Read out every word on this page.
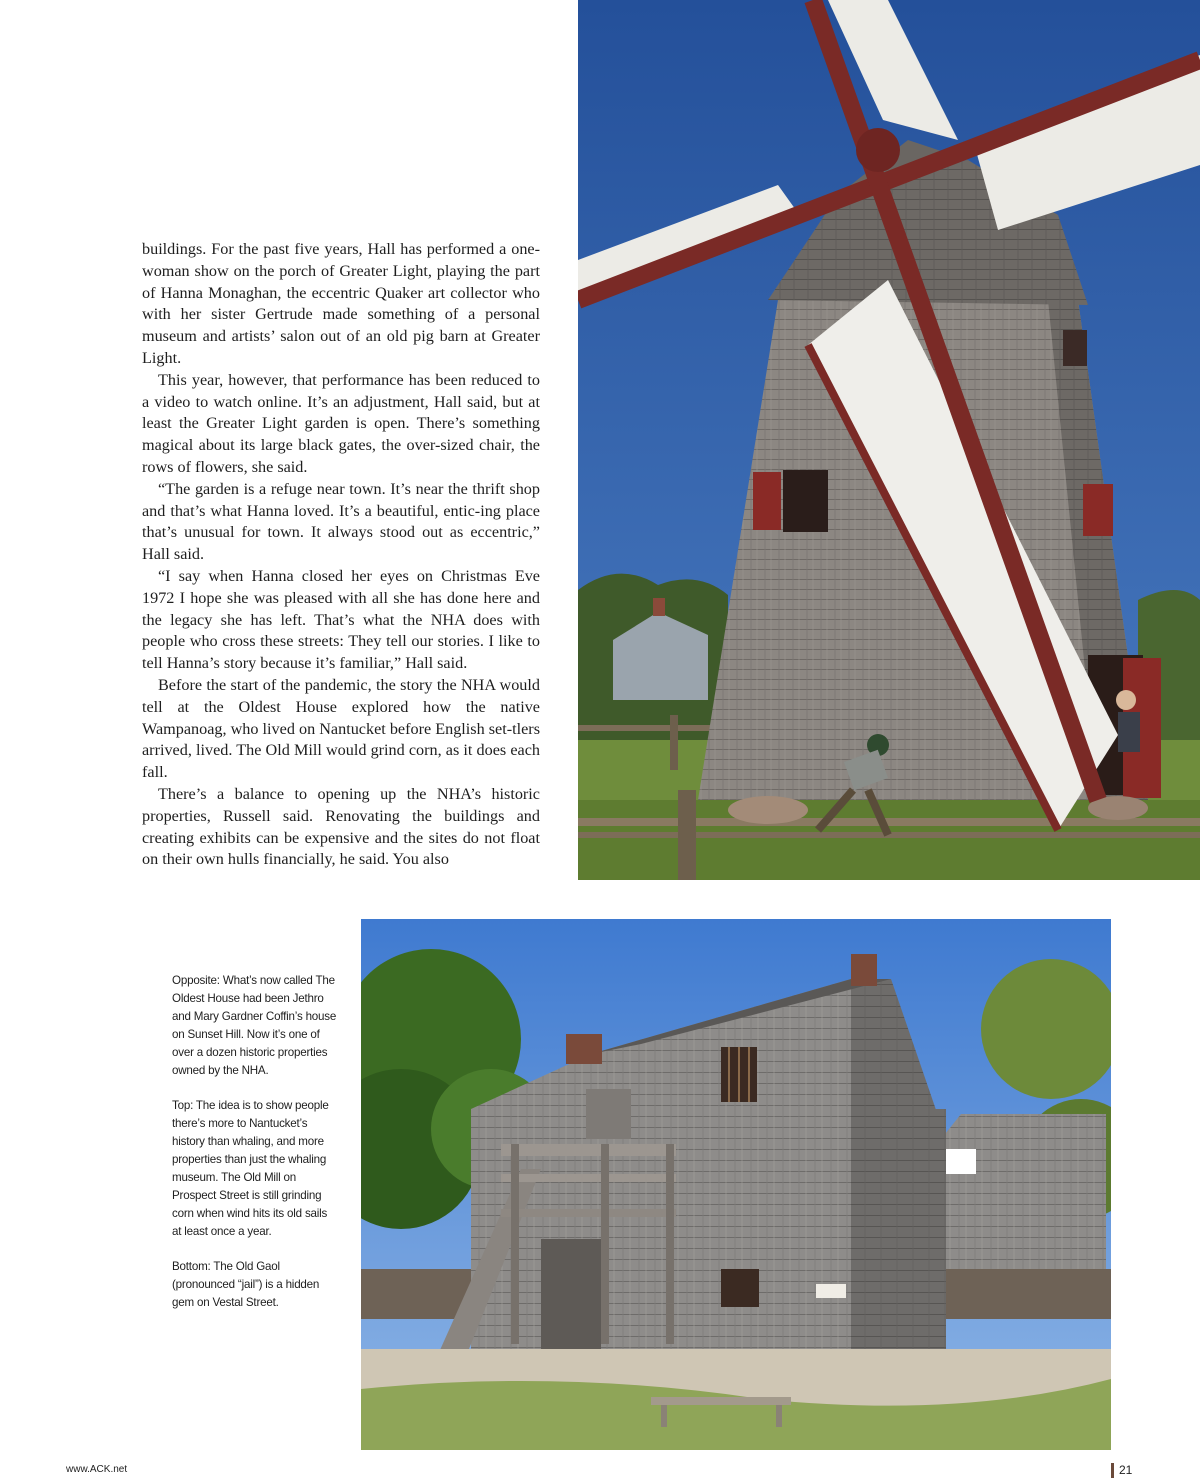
buildings. For the past five years, Hall has performed a one-woman show on the porch of Greater Light, playing the part of Hanna Monaghan, the eccentric Quaker art collector who with her sister Gertrude made something of a personal museum and artists’ salon out of an old pig barn at Greater Light.

This year, however, that performance has been reduced to a video to watch online. It’s an adjustment, Hall said, but at least the Greater Light garden is open. There’s something magical about its large black gates, the over-sized chair, the rows of flowers, she said.

“The garden is a refuge near town. It’s near the thrift shop and that’s what Hanna loved. It’s a beautiful, entic-ing place that’s unusual for town. It always stood out as eccentric,” Hall said.

“I say when Hanna closed her eyes on Christmas Eve 1972 I hope she was pleased with all she has done here and the legacy she has left. That’s what the NHA does with people who cross these streets: They tell our stories. I like to tell Hanna’s story because it’s familiar,” Hall said.

Before the start of the pandemic, the story the NHA would tell at the Oldest House explored how the native Wampanoag, who lived on Nantucket before English set-tlers arrived, lived. The Old Mill would grind corn, as it does each fall.

There’s a balance to opening up the NHA’s historic properties, Russell said. Renovating the buildings and creating exhibits can be expensive and the sites do not float on their own hulls financially, he said. You also

Opposite: What’s now called The Oldest House had been Jethro and Mary Gardner Coffin’s house on Sunset Hill. Now it’s one of over a dozen historic properties owned by the NHA.

Top: The idea is to show people there’s more to Nantucket’s history than whaling, and more properties than just the whaling museum. The Old Mill on Prospect Street is still grinding corn when wind hits its old sails at least once a year.

Bottom: The Old Gaol (pronounced “jail”) is a hidden gem on Vestal Street.

www.ACK.net	21
